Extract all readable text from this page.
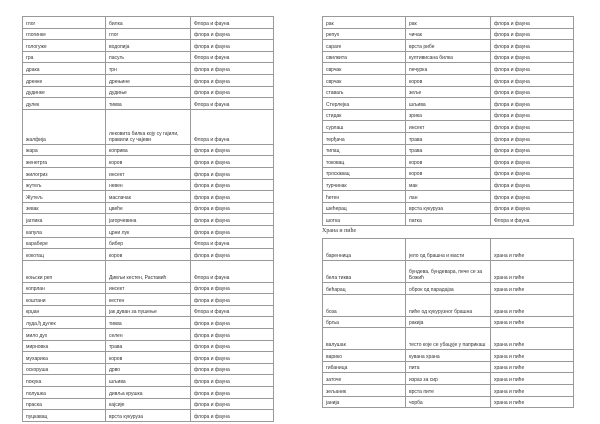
глог	билка	Флора и фауна
глогинке	глог	флора и фауна
гологуже	водопија	флора и фауна
гра	пасуљ	Флора и фауна
драка	трн	флора и фауна
дренке	дрењине	флора и фауна
дудинке	дудиње	флора и фауна
дулек	тиква	Флора и фауна
жалфија	лековита билка коју су гајили, правили су чајеви	Флора и фауна
жара	коприва	флора и фауна
женетрга	коров	флора и фауна
жилогриз	инсект	флора и фауна
жутељ	невен	флора и фауна
Жутељ	маслачак	флора и фауна
зевак	цвеће	флора и фауна
јаглика	јагорчевина	флора и фауна
капула	црни лук	флора и фауна
карабере	бибер	Флора и фауна
кокотац	коров	флора и фауна
коњски реп	Дивљи кестен, Раставић	Флора и фауна
копрлан	инсект	флора и фауна
коштани	кестен	флора и фауна
крџан	јак дуван за пушење	Флора и фауна
луда,ђ дулек	тиква	флора и фауна
мило дух	селен	флора и фауна
мирновка	трава	флора и фауна
мухарика	коров	флора и фауна
оскоруша	дрво	флора и фауна
покука	шљива	флора и фауна
полушка	дивља крушка	флора и фауна
праска	кајсије	флора и фауна
пуцкавац	врста кукуруза	флора и фауна
рак	рак	флора и фауна
репух	чичак	флора и фауна
сараге	врста рибе	флора и фауна
свилкита	култивисана билка	флора и фауна
сврчак	печурка	флора и фауна
сврчак	коров	флора и фауна
ставаљ	зеље	флора и фауна
Стерлејка	шљива	флора и фауна
стидак	зрика	флора и фауна
сурлаш	инсект	флора и фауна
терђача	трава	флора и фауна
типац	трава	флора и фауна
токовац	коров	флора и фауна
троскавац	коров	флора и фауна
турчинак	мак	флора и фауна
ћетен	лан	флора и фауна
шећерац	врста кукуруза	флора и фауна
шотка	патка	Флора и фауна
Храна и пиће
баренница	јело од брашна и масти	храна и пиће
бела тиква	бундева, бундевара, пече се за Божић	храна и пиће
бећарац	оброк од парадајза	храна и пиће
боза	пиће од кукурузног брашна	храна и пиће
брља	ракија	храна и пиће
валушак	тесто које се убацује у паприкаш	храна и пиће
варико	кувана храна	храна и пиће
гибаница	пита	храна и пиће
заточе	израз за сир	храна и пиће
зељаник	врста пите	храна и пиће
јанија	чорба	храна и пиће
